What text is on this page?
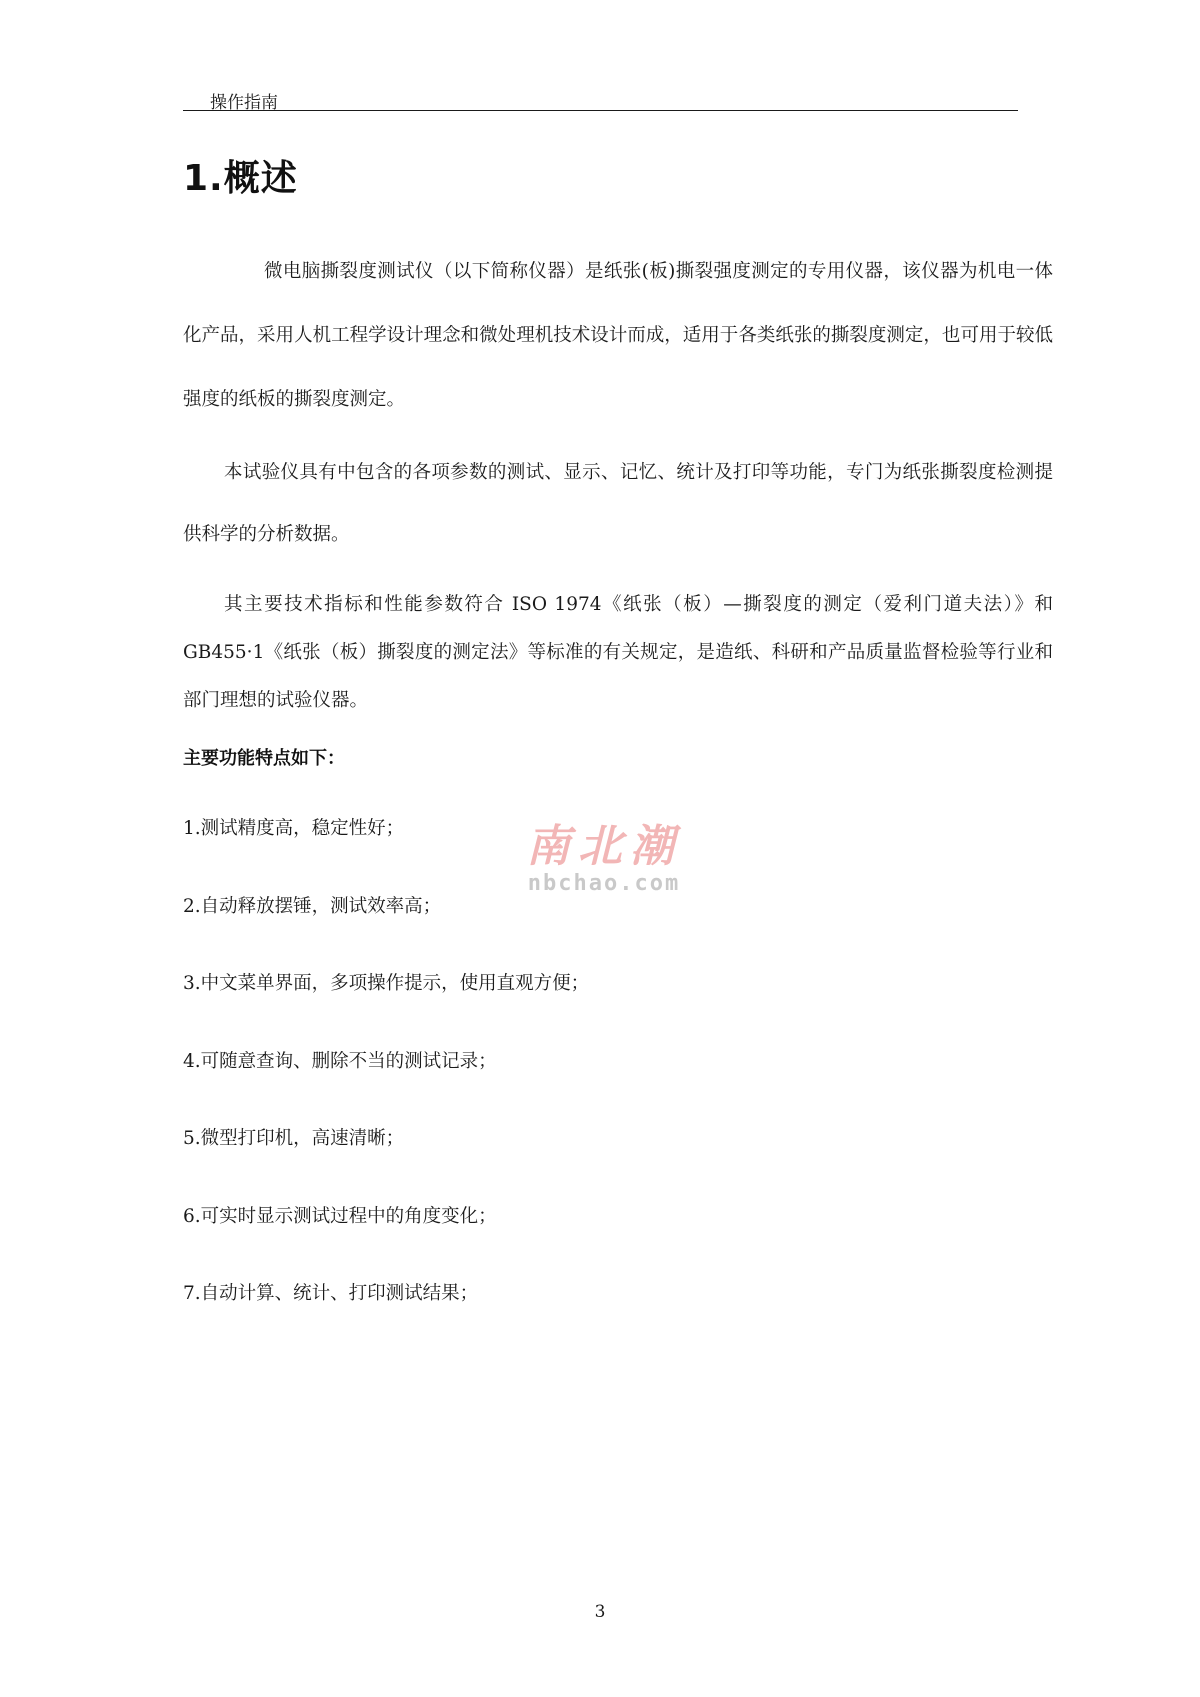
操作指南
1.概述

微电脑撕裂度测试仪（以下简称仪器）是纸张(板)撕裂强度测定的专用仪器，该仪器为机电一体化产品，采用人机工程学设计理念和微处理机技术设计而成，适用于各类纸张的撕裂度测定，也可用于较低强度的纸板的撕裂度测定。

本试验仪具有中包含的各项参数的测试、显示、记忆、统计及打印等功能，专门为纸张撕裂度检测提供科学的分析数据。

其主要技术指标和性能参数符合 ISO 1974《纸张（板）—撕裂度的测定（爱利门道夫法）》和GB455·1《纸张（板）撕裂度的测定法》等标准的有关规定，是造纸、科研和产品质量监督检验等行业和部门理想的试验仪器。

主要功能特点如下：
1.测试精度高，稳定性好；
2.自动释放摆锤，测试效率高；
3.中文菜单界面，多项操作提示，使用直观方便；
4.可随意查询、删除不当的测试记录；
5.微型打印机，高速清晰；
6.可实时显示测试过程中的角度变化；
7.自动计算、统计、打印测试结果；
南北潮
nbchao.com
3
